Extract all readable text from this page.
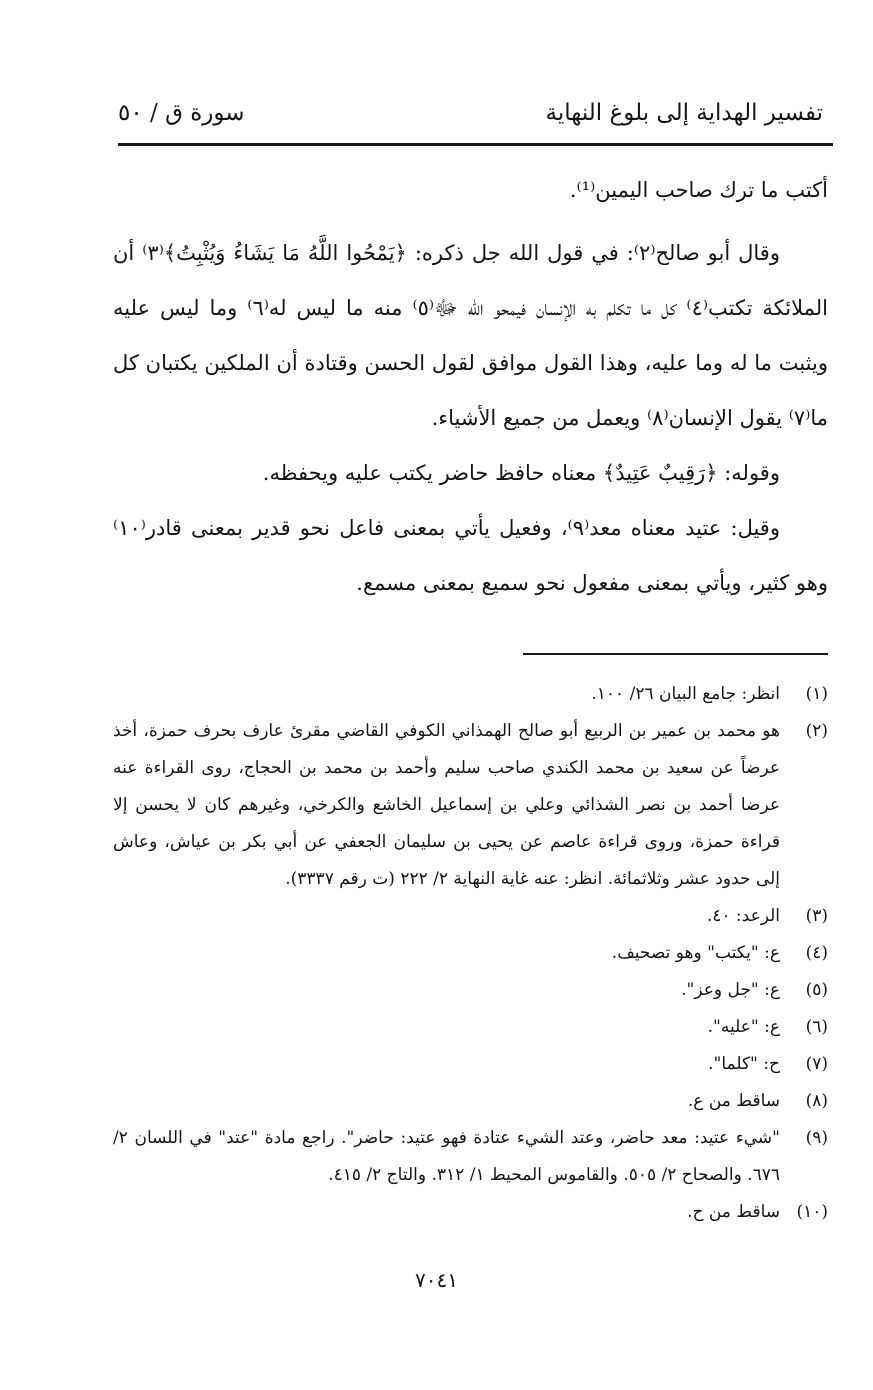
تفسير الهداية إلى بلوغ النهاية
سورة ق / ٥٠

أكتب ما ترك صاحب اليمين⁽¹⁾.

وقال أبو صالح⁽٢⁾: في قول الله جل ذكره: ﴿يَمْحُوا اللَّهُ مَا يَشَاءُ وَيُثْبِتُ﴾⁽٣⁾ أن الملائكة تكتب⁽٤⁾ كل ما تكلم به الإنسان فيمحو الله ﷻ⁽٥⁾ منه ما ليس له⁽٦⁾ وما ليس عليه ويثبت ما له وما عليه، وهذا القول موافق لقول الحسن وقتادة أن الملكين يكتبان كل ما⁽٧⁾ يقول الإنسان⁽٨⁾ ويعمل من جميع الأشياء.

وقوله: ﴿رَقِيبٌ عَتِيدٌ﴾ معناه حافظ حاضر يكتب عليه ويحفظه.

وقيل: عتيد معناه معد⁽٩⁾، وفعيل يأتي بمعنى فاعل نحو قدير بمعنى قادر⁽١٠⁾ وهو كثير، ويأتي بمعنى مفعول نحو سميع بمعنى مسمع.

(١)
انظر: جامع البيان ٢٦/ ١٠٠.
(٢)
هو محمد بن عمير بن الربيع أبو صالح الهمذاني الكوفي القاضي مقرئ عارف بحرف حمزة، أخذ عرضاً عن سعيد بن محمد الكندي صاحب سليم وأحمد بن محمد بن الحجاج، روى القراءة عنه عرضا أحمد بن نصر الشذائي وعلي بن إسماعيل الخاشع والكرخي، وغيرهم كان لا يحسن إلا قراءة حمزة، وروى قراءة عاصم عن يحيى بن سليمان الجعفي عن أبي بكر بن عياش، وعاش إلى حدود عشر وثلاثمائة. انظر: عنه غاية النهاية ٢/ ٢٢٢ (ت رقم ٣٣٣٧).
(٣)
الرعد: ٤٠.
(٤)
ع: "يكتب" وهو تصحيف.
(٥)
ع: "جل وعز".
(٦)
ع: "عليه".
(٧)
ح: "كلما".
(٨)
ساقط من ع.
(٩)
"شيء عتيد: معد حاضر، وعتد الشيء عتادة فهو عتيد: حاضر". راجع مادة "عتد" في اللسان ٢/ ٦٧٦. والصحاح ٢/ ٥٠٥. والقاموس المحيط ١/ ٣١٢. والتاج ٢/ ٤١٥.
(١٠)
ساقط من ح.
٧٠٤١
